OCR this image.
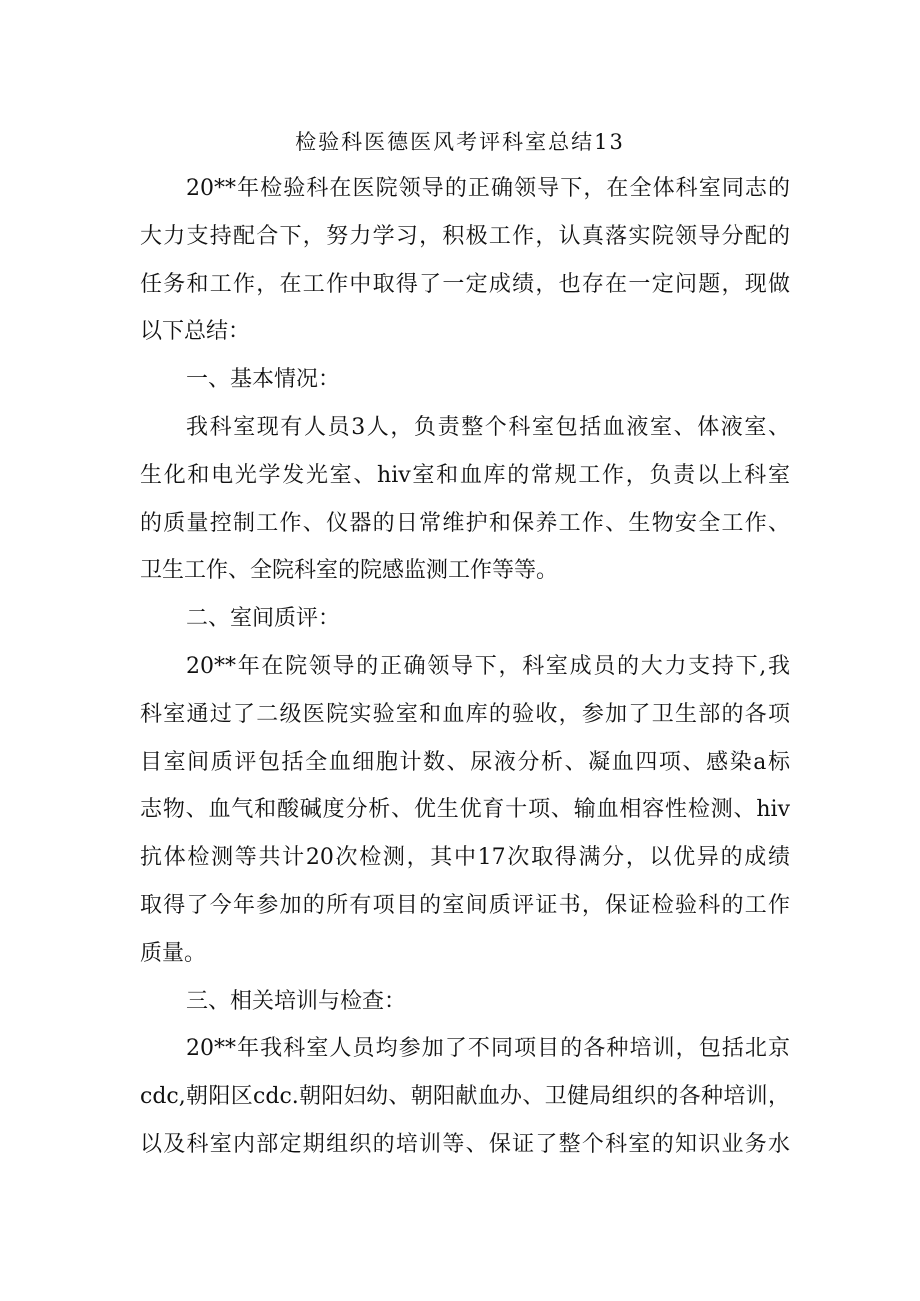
检验科医德医风考评科室总结13
20**年检验科在医院领导的正确领导下，在全体科室同志的
大力支持配合下，努力学习，积极工作，认真落实院领导分配的
任务和工作，在工作中取得了一定成绩，也存在一定问题，现做
以下总结：
一、基本情况：
我科室现有人员3人，负责整个科室包括血液室、体液室、
生化和电光学发光室、hiv室和血库的常规工作，负责以上科室
的质量控制工作、仪器的日常维护和保养工作、生物安全工作、
卫生工作、全院科室的院感监测工作等等。
二、室间质评：
20**年在院领导的正确领导下，科室成员的大力支持下,我
科室通过了二级医院实验室和血库的验收，参加了卫生部的各项
目室间质评包括全血细胞计数、尿液分析、凝血四项、感染a标
志物、血气和酸碱度分析、优生优育十项、输血相容性检测、hiv
抗体检测等共计20次检测，其中17次取得满分，以优异的成绩
取得了今年参加的所有项目的室间质评证书，保证检验科的工作
质量。
三、相关培训与检查：
20**年我科室人员均参加了不同项目的各种培训，包括北京
cdc,朝阳区cdc.朝阳妇幼、朝阳献血办、卫健局组织的各种培训，
以及科室内部定期组织的培训等、保证了整个科室的知识业务水
